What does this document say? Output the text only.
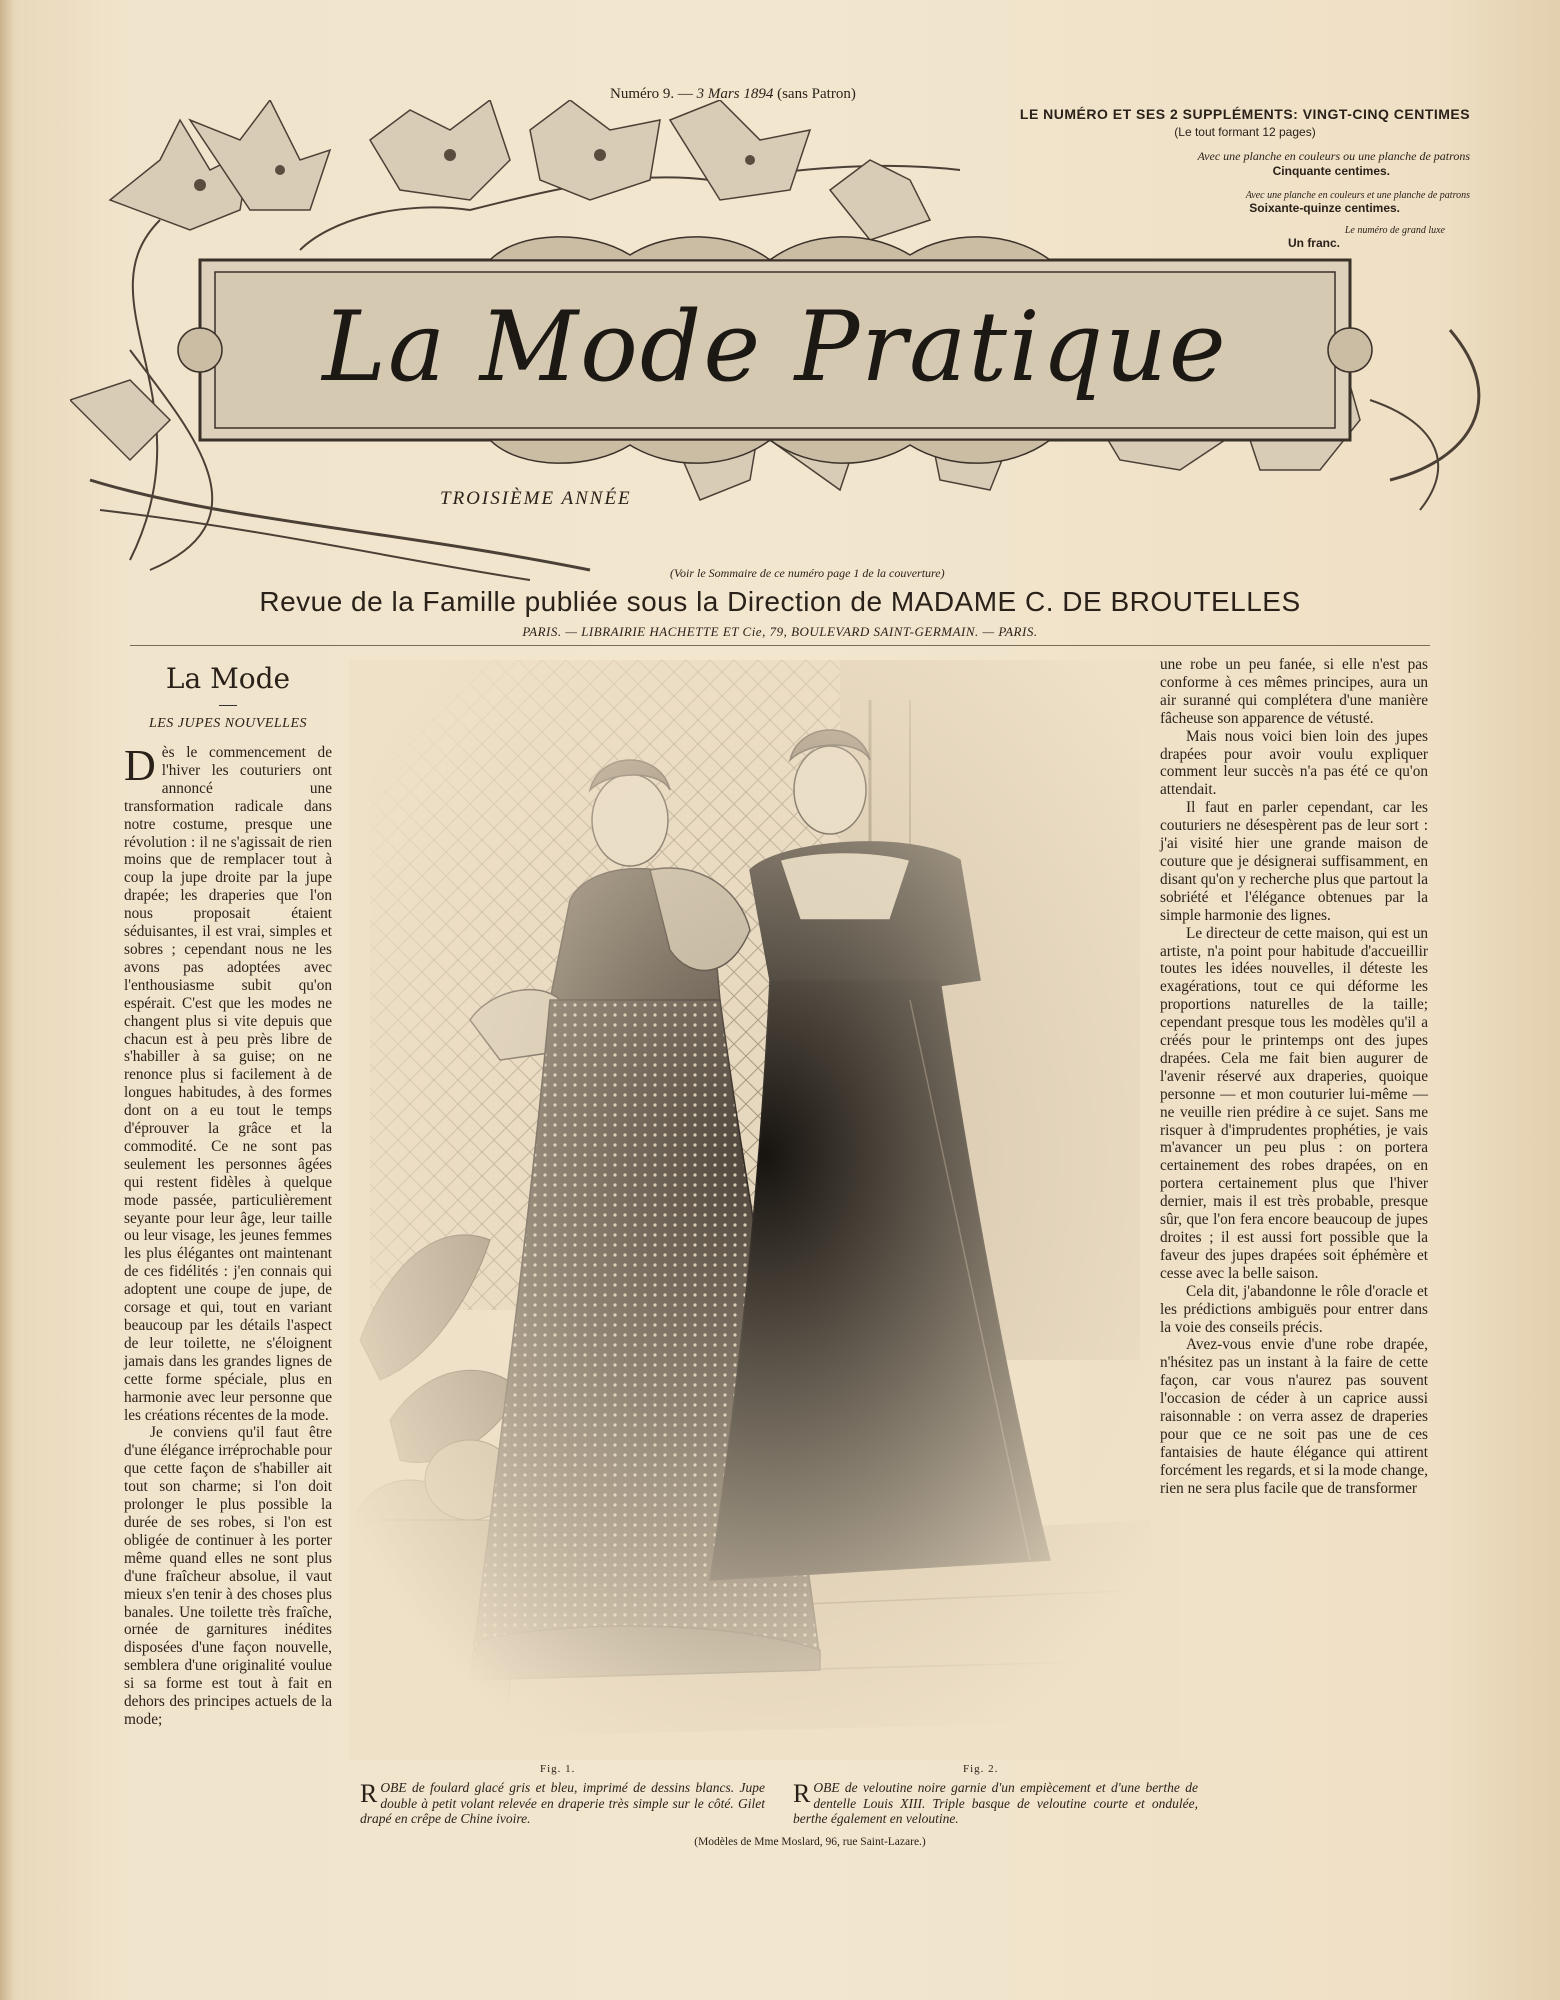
Numéro 9. — 3 Mars 1894 (sans Patron)
LE NUMÉRO ET SES 2 SUPPLÉMENTS: VINGT-CINQ CENTIMES
(Le tout formant 12 pages)
Avec une planche en couleurs ou une planche de patrons
Cinquante centimes.
Avec une planche en couleurs et une planche de patrons
Soixante-quinze centimes.
Le numéro de grand luxe
Un franc.
La Mode Pratique
TROISIÈME ANNÉE
(Voir le Sommaire de ce numéro page 1 de la couverture)
Revue de la Famille publiée sous la Direction de MADAME C. DE BROUTELLES
PARIS. — LIBRAIRIE HACHETTE ET Cie, 79, BOULEVARD SAINT-GERMAIN. — PARIS.
La Mode
LES JUPES NOUVELLES

Dès le commencement de l'hiver les couturiers ont annoncé une transformation radicale dans notre costume, presque une révolution : il ne s'agissait de rien moins que de remplacer tout à coup la jupe droite par la jupe drapée; les draperies que l'on nous proposait étaient séduisantes, il est vrai, simples et sobres ; cependant nous ne les avons pas adoptées avec l'enthousiasme subit qu'on espérait. C'est que les modes ne changent plus si vite depuis que chacun est à peu près libre de s'habiller à sa guise; on ne renonce plus si facilement à de longues habitudes, à des formes dont on a eu tout le temps d'éprouver la grâce et la commodité. Ce ne sont pas seulement les personnes âgées qui restent fidèles à quelque mode passée, particulièrement seyante pour leur âge, leur taille ou leur visage, les jeunes femmes les plus élégantes ont maintenant de ces fidélités : j'en connais qui adoptent une coupe de jupe, de corsage et qui, tout en variant beaucoup par les détails l'aspect de leur toilette, ne s'éloignent jamais dans les grandes lignes de cette forme spéciale, plus en harmonie avec leur personne que les créations récentes de la mode.

Je conviens qu'il faut être d'une élégance irréprochable pour que cette façon de s'habiller ait tout son charme; si l'on doit prolonger le plus possible la durée de ses robes, si l'on est obligée de continuer à les porter même quand elles ne sont plus d'une fraîcheur absolue, il vaut mieux s'en tenir à des choses plus banales. Une toilette très fraîche, ornée de garnitures inédites disposées d'une façon nouvelle, semblera d'une originalité voulue si sa forme est tout à fait en dehors des principes actuels de la mode;

Fig. 1.	Fig. 2.
ROBE de foulard glacé gris et bleu, imprimé de dessins blancs. Jupe double à petit volant relevée en draperie très simple sur le côté. Gilet drapé en crêpe de Chine ivoire.
ROBE de veloutine noire garnie d'un empiècement et d'une berthe de dentelle Louis XIII. Triple basque de veloutine courte et ondulée, berthe également en veloutine.
(Modèles de Mme Moslard, 96, rue Saint-Lazare.)

une robe un peu fanée, si elle n'est pas conforme à ces mêmes principes, aura un air suranné qui complétera d'une manière fâcheuse son apparence de vétusté.

Mais nous voici bien loin des jupes drapées pour avoir voulu expliquer comment leur succès n'a pas été ce qu'on attendait.

Il faut en parler cependant, car les couturiers ne désespèrent pas de leur sort : j'ai visité hier une grande maison de couture que je désignerai suffisamment, en disant qu'on y recherche plus que partout la sobriété et l'élégance obtenues par la simple harmonie des lignes.

Le directeur de cette maison, qui est un artiste, n'a point pour habitude d'accueillir toutes les idées nouvelles, il déteste les exagérations, tout ce qui déforme les proportions naturelles de la taille; cependant presque tous les modèles qu'il a créés pour le printemps ont des jupes drapées. Cela me fait bien augurer de l'avenir réservé aux draperies, quoique personne — et mon couturier lui-même — ne veuille rien prédire à ce sujet. Sans me risquer à d'imprudentes prophéties, je vais m'avancer un peu plus : on portera certainement des robes drapées, on en portera certainement plus que l'hiver dernier, mais il est très probable, presque sûr, que l'on fera encore beaucoup de jupes droites ; il est aussi fort possible que la faveur des jupes drapées soit éphémère et cesse avec la belle saison.

Cela dit, j'abandonne le rôle d'oracle et les prédictions ambiguës pour entrer dans la voie des conseils précis.

Avez-vous envie d'une robe drapée, n'hésitez pas un instant à la faire de cette façon, car vous n'aurez pas souvent l'occasion de céder à un caprice aussi raisonnable : on verra assez de draperies pour que ce ne soit pas une de ces fantaisies de haute élégance qui attirent forcément les regards, et si la mode change, rien ne sera plus facile que de transformer
